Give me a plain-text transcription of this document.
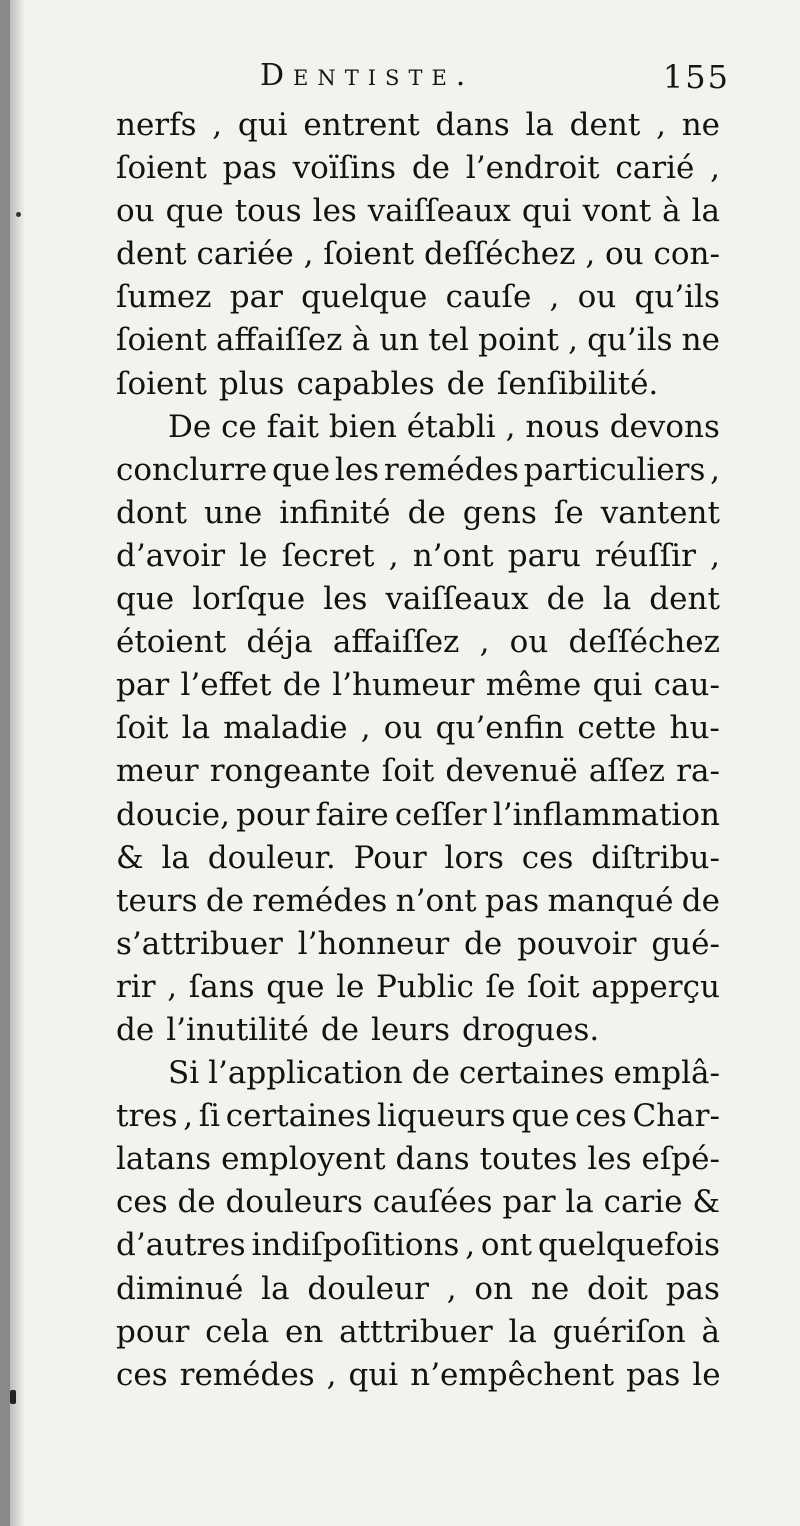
Dentiste.	155
nerfs , qui entrent dans la dent , ne
ſoient pas voïſins de l’endroit carié ,
ou que tous les vaiſſeaux qui vont à la
dent cariée , ſoient deſſéchez , ou con-
ſumez par quelque cauſe , ou qu’ils
ſoient affaiſſez à un tel point , qu’ils ne
ſoient plus capables de ſenſibilité.
De ce fait bien établi , nous devons
conclurre que les remédes particuliers ,
dont une infinité de gens ſe vantent
d’avoir le ſecret , n’ont paru réuſſir ,
que lorſque les vaiſſeaux de la dent
étoient déja affaiſſez , ou deſſéchez
par l’effet de l’humeur même qui cau-
ſoit la maladie , ou qu’enfin cette hu-
meur rongeante ſoit devenuë aſſez ra-
doucie, pour faire ceſſer l’inflammation
& la douleur. Pour lors ces diſtribu-
teurs de remédes n’ont pas manqué de
s’attribuer l’honneur de pouvoir gué-
rir , ſans que le Public ſe ſoit apperçu
de l’inutilité de leurs drogues.
Si l’application de certaines emplâ-
tres , ſi certaines liqueurs que ces Char-
latans employent dans toutes les eſpé-
ces de douleurs cauſées par la carie &
d’autres indiſpoſitions , ont quelquefois
diminué la douleur , on ne doit pas
pour cela en atttribuer la guériſon à
ces remédes , qui n’empêchent pas le
